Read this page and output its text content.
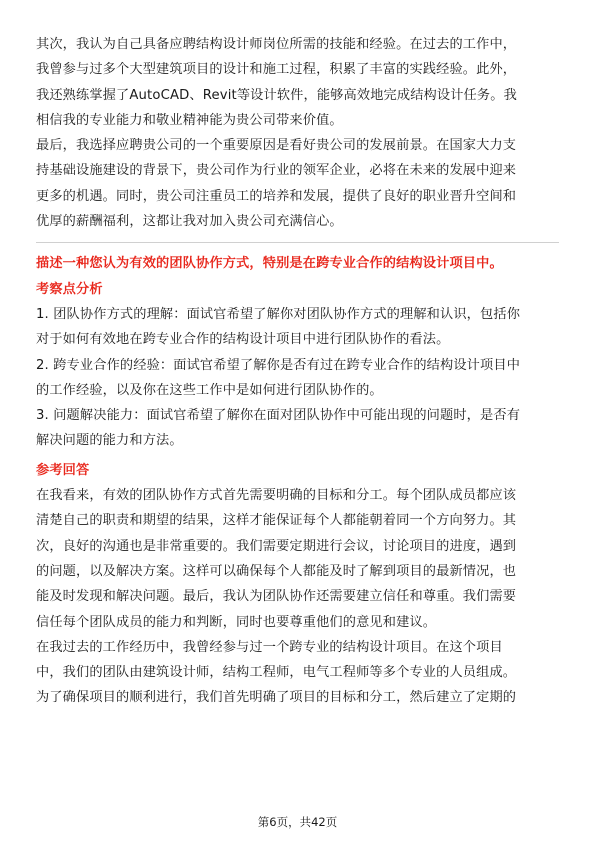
其次，我认为自己具备应聘结构设计师岗位所需的技能和经验。在过去的工作中，
我曾参与过多个大型建筑项目的设计和施工过程，积累了丰富的实践经验。此外，
我还熟练掌握了AutoCAD、Revit等设计软件，能够高效地完成结构设计任务。我
相信我的专业能力和敬业精神能为贵公司带来价值。
最后，我选择应聘贵公司的一个重要原因是看好贵公司的发展前景。在国家大力支
持基础设施建设的背景下，贵公司作为行业的领军企业，必将在未来的发展中迎来
更多的机遇。同时，贵公司注重员工的培养和发展，提供了良好的职业晋升空间和
优厚的薪酬福利，这都让我对加入贵公司充满信心。
描述一种您认为有效的团队协作方式，特别是在跨专业合作的结构设计项目中。
考察点分析
1. 团队协作方式的理解：面试官希望了解你对团队协作方式的理解和认识，包括你
对于如何有效地在跨专业合作的结构设计项目中进行团队协作的看法。
2. 跨专业合作的经验：面试官希望了解你是否有过在跨专业合作的结构设计项目中
的工作经验，以及你在这些工作中是如何进行团队协作的。
3. 问题解决能力：面试官希望了解你在面对团队协作中可能出现的问题时，是否有
解决问题的能力和方法。
参考回答
在我看来，有效的团队协作方式首先需要明确的目标和分工。每个团队成员都应该
清楚自己的职责和期望的结果，这样才能保证每个人都能朝着同一个方向努力。其
次，良好的沟通也是非常重要的。我们需要定期进行会议，讨论项目的进度，遇到
的问题，以及解决方案。这样可以确保每个人都能及时了解到项目的最新情况，也
能及时发现和解决问题。最后，我认为团队协作还需要建立信任和尊重。我们需要
信任每个团队成员的能力和判断，同时也要尊重他们的意见和建议。
在我过去的工作经历中，我曾经参与过一个跨专业的结构设计项目。在这个项目
中，我们的团队由建筑设计师，结构工程师，电气工程师等多个专业的人员组成。
为了确保项目的顺利进行，我们首先明确了项目的目标和分工，然后建立了定期的
第6页，共42页
